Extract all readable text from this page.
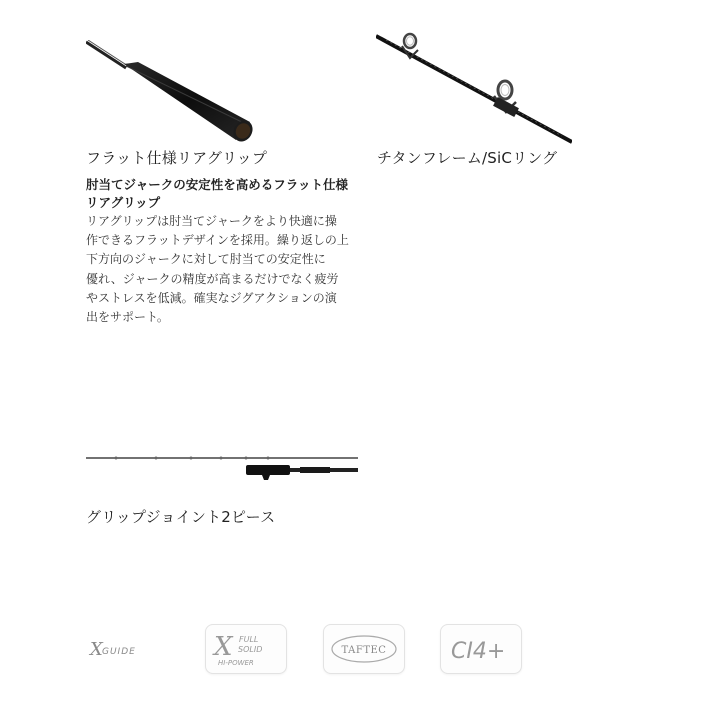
フラット仕様リアグリップ
肘当てジャークの安定性を高めるフラット仕様
リアグリップ
リアグリップは肘当てジャークをより快適に操
作できるフラットデザインを採用。繰り返しの上
下方向のジャークに対して肘当ての安定性に
優れ、ジャークの精度が高まるだけでなく疲労
やストレスを低減。確実なジグアクションの演
出をサポート。
チタンフレーム/SiCリング
グリップジョイント2ピース
X GUIDE	X FULL
SOLID
HI-POWER
TAFTEC	CI4+
